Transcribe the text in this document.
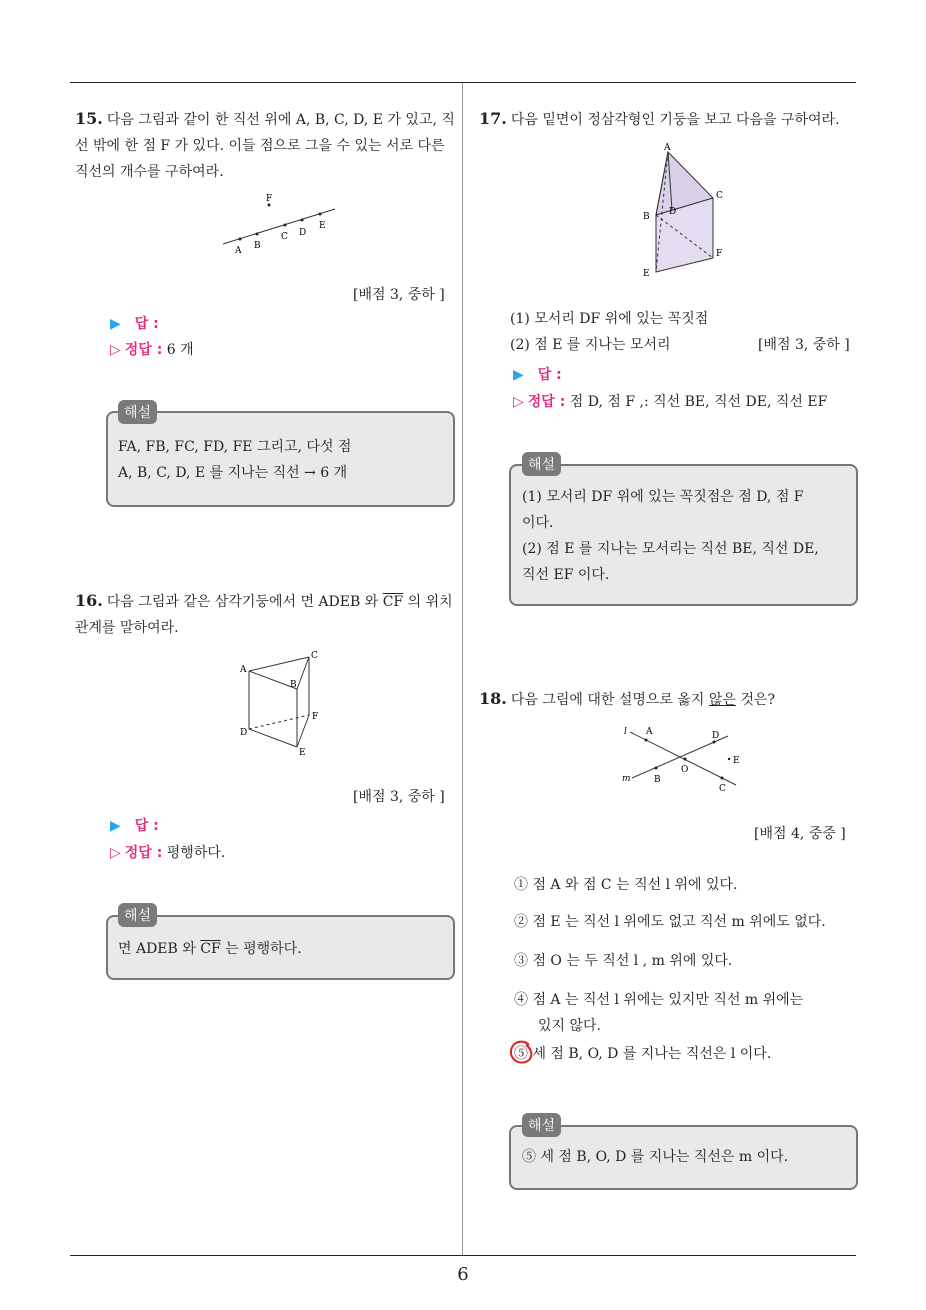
6
15. 다음 그림과 같이 한 직선 위에 A, B, C, D, E 가 있고, 직선 밖에 한 점 F 가 있다. 이들 점으로 그을 수 있는 서로 다른 직선의 개수를 구하여라.
F
A B
C D
E
[배점 3, 중하 ]
▶ 답 :
▷ 정답 : 6 개
해설
FA, FB, FC, FD, FE 그리고, 다섯 점
A, B, C, D, E 를 지나는 직선 → 6 개
16. 다음 그림과 같은 삼각기둥에서 면 ADEB 와 $\overline{CF}$ 의 위치 관계를 말하여라.
A
C
B
F
D
E
[배점 3, 중하 ]
▶ 답 :
▷ 정답 : 평행하다.
해설
면 ADEB 와 $\overline{CF}$ 는 평행하다.
17. 다음 밑면이 정삼각형인 기둥을 보고 다음을 구하여라.
A
C
B D
F
E
(1) 모서리 DF 위에 있는 꼭짓점
(2) 점 E 를 지나는 모서리	[배점 3, 중하 ]
▶ 답 :
▷ 정답 : 점 D, 점 F ,: 직선 BE, 직선 DE, 직선 EF
해설
(1) 모서리 DF 위에 있는 꼭짓점은 점 D, 점 F
이다.
(2) 점 E 를 지나는 모서리는 직선 BE, 직선 DE,
직선 EF 이다.
18. 다음 그림에 대한 설명으로 옳지 않은 것은?
l A	D
E
O
m	B
C
[배점 4, 중중 ]
① 점 A 와 점 C 는 직선 l 위에 있다.
② 점 E 는 직선 l 위에도 없고 직선 m 위에도 없다.
③ 점 O 는 두 직선 l , m 위에 있다.
④ 점 A 는 직선 l 위에는 있지만 직선 m 위에는
있지 않다.
⑤ 세 점 B, O, D 를 지나는 직선은 l 이다.
해설
⑤ 세 점 B, O, D 를 지나는 직선은 m 이다.
